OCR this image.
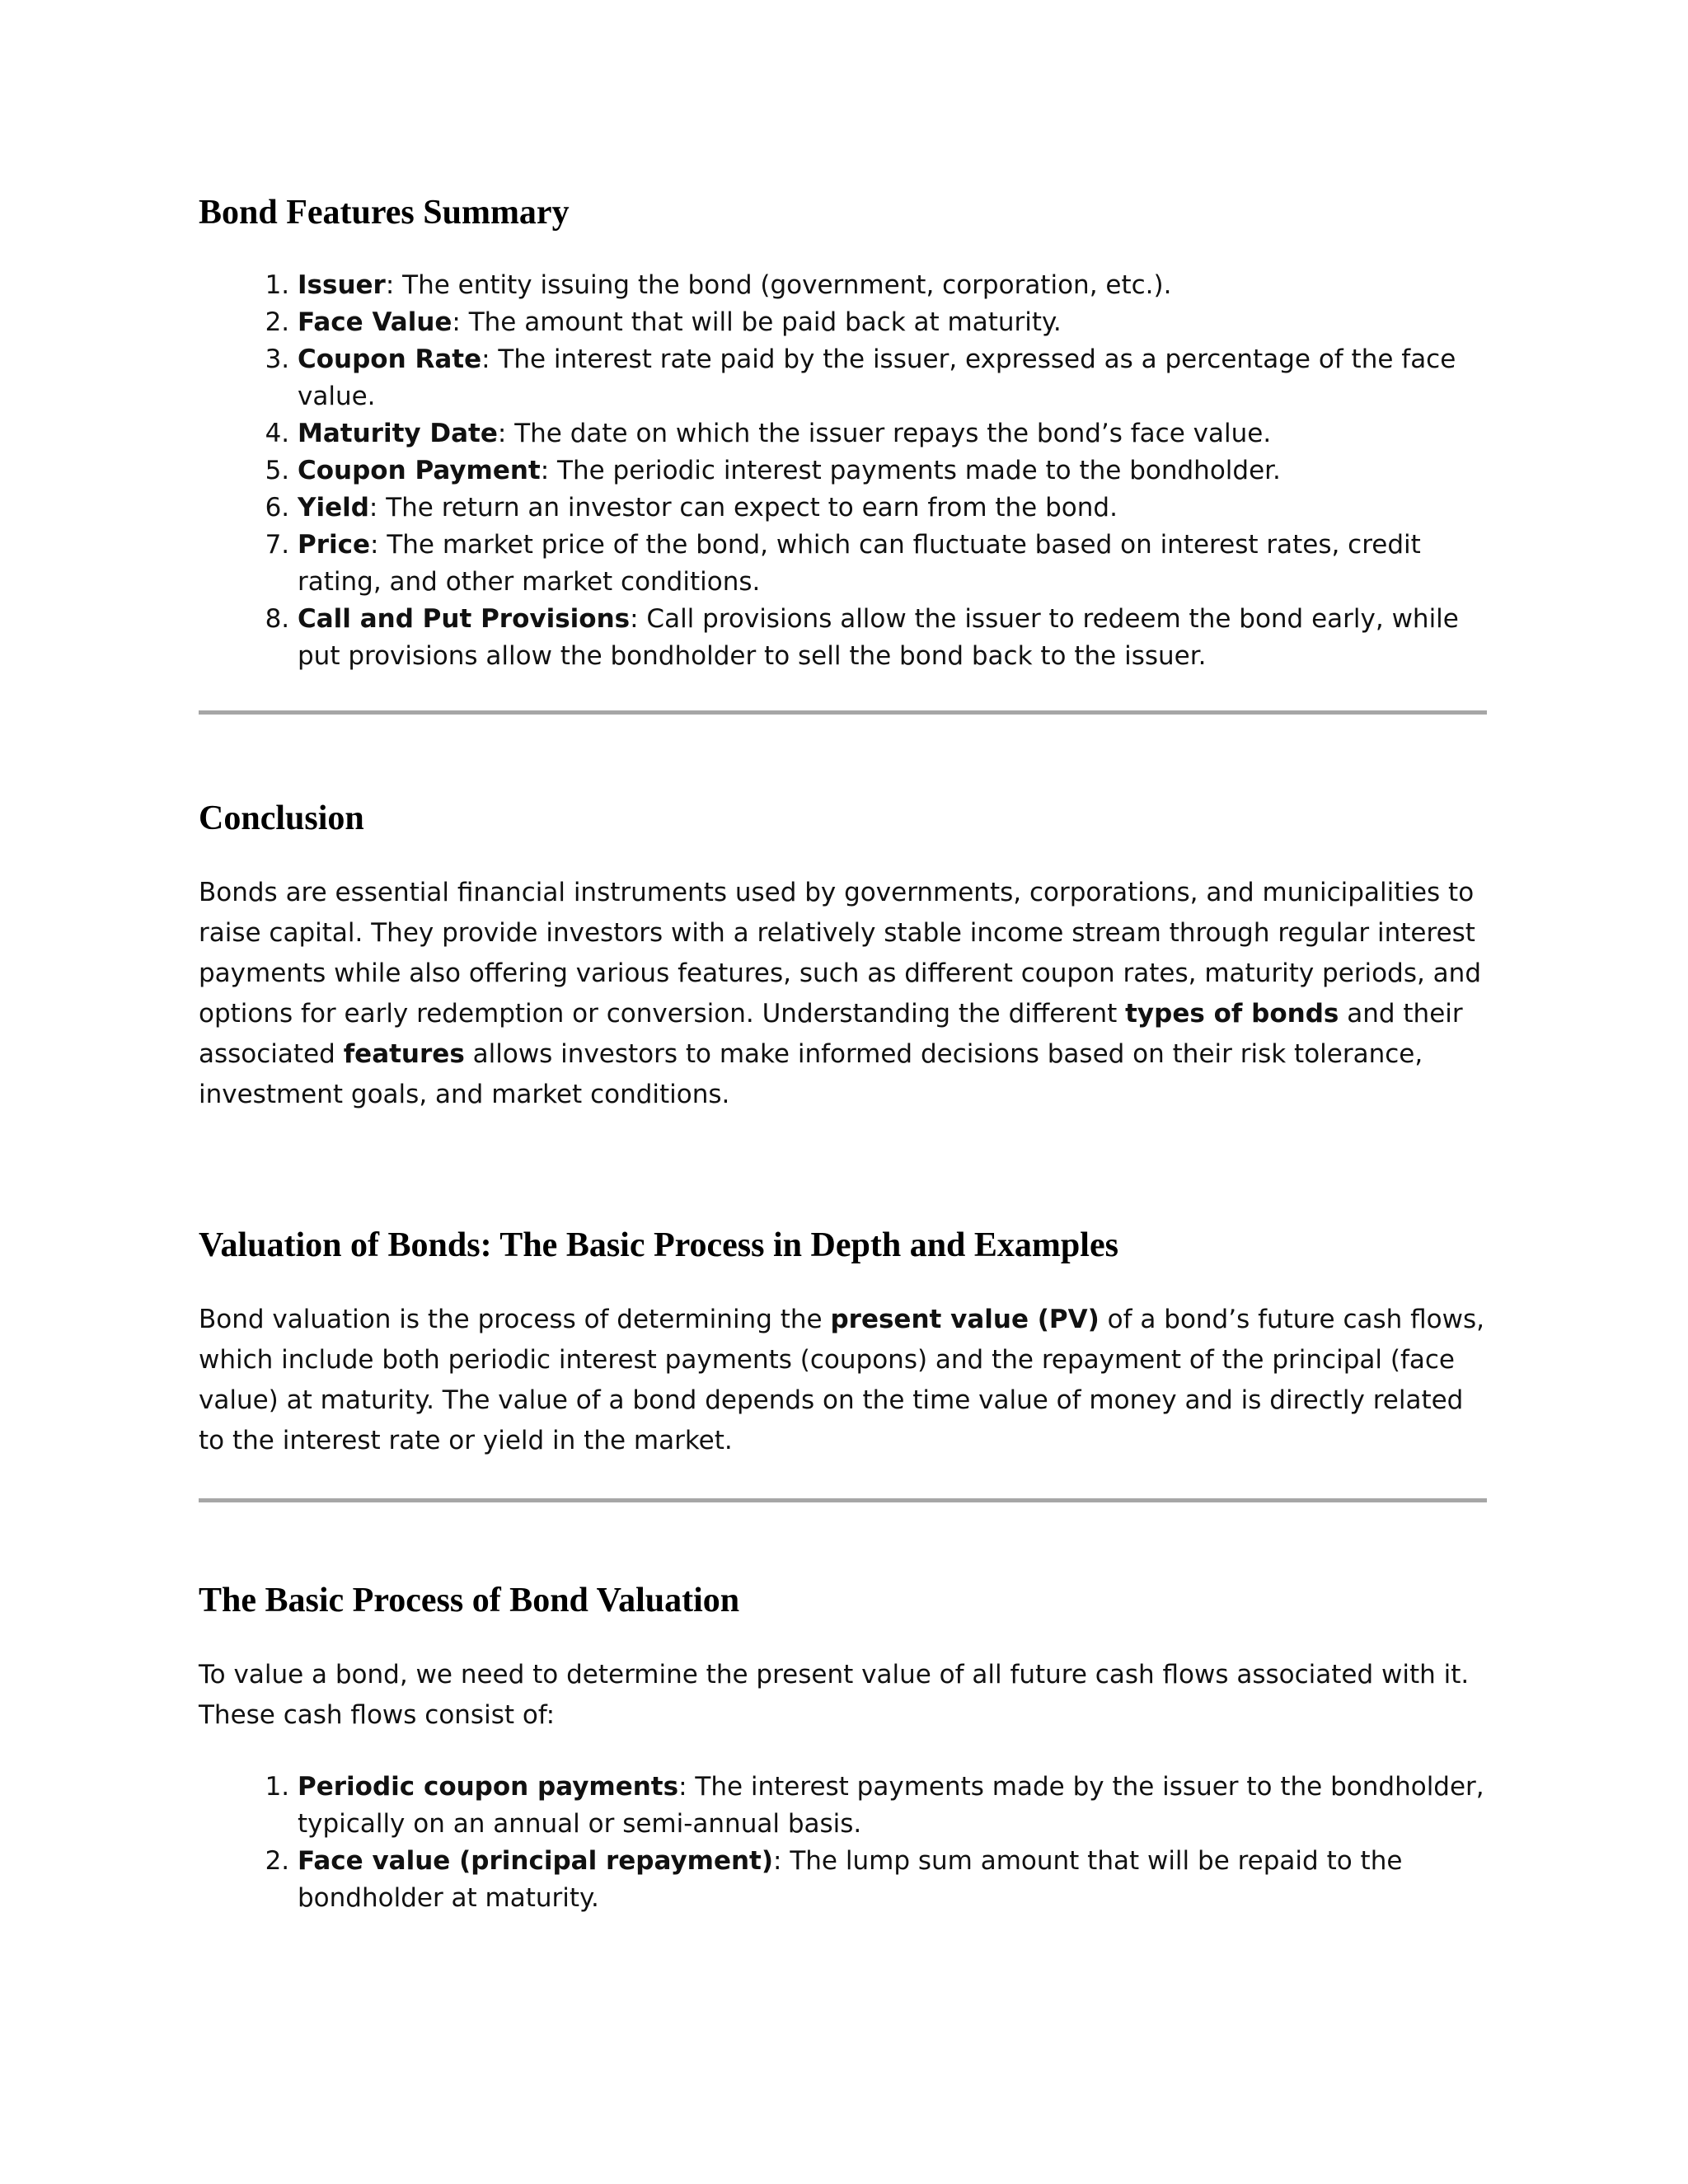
Bond Features Summary
1. Issuer: The entity issuing the bond (government, corporation, etc.).
2. Face Value: The amount that will be paid back at maturity.
3. Coupon Rate: The interest rate paid by the issuer, expressed as a percentage of the face value.
4. Maturity Date: The date on which the issuer repays the bond’s face value.
5. Coupon Payment: The periodic interest payments made to the bondholder.
6. Yield: The return an investor can expect to earn from the bond.
7. Price: The market price of the bond, which can fluctuate based on interest rates, credit rating, and other market conditions.
8. Call and Put Provisions: Call provisions allow the issuer to redeem the bond early, while put provisions allow the bondholder to sell the bond back to the issuer.
Conclusion

Bonds are essential financial instruments used by governments, corporations, and municipalities to raise capital. They provide investors with a relatively stable income stream through regular interest payments while also offering various features, such as different coupon rates, maturity periods, and options for early redemption or conversion. Understanding the different types of bonds and their associated features allows investors to make informed decisions based on their risk tolerance, investment goals, and market conditions.

Valuation of Bonds: The Basic Process in Depth and Examples

Bond valuation is the process of determining the present value (PV) of a bond’s future cash flows, which include both periodic interest payments (coupons) and the repayment of the principal (face value) at maturity. The value of a bond depends on the time value of money and is directly related to the interest rate or yield in the market.

The Basic Process of Bond Valuation

To value a bond, we need to determine the present value of all future cash flows associated with it. These cash flows consist of:

1. Periodic coupon payments: The interest payments made by the issuer to the bondholder, typically on an annual or semi-annual basis.
2. Face value (principal repayment): The lump sum amount that will be repaid to the bondholder at maturity.
